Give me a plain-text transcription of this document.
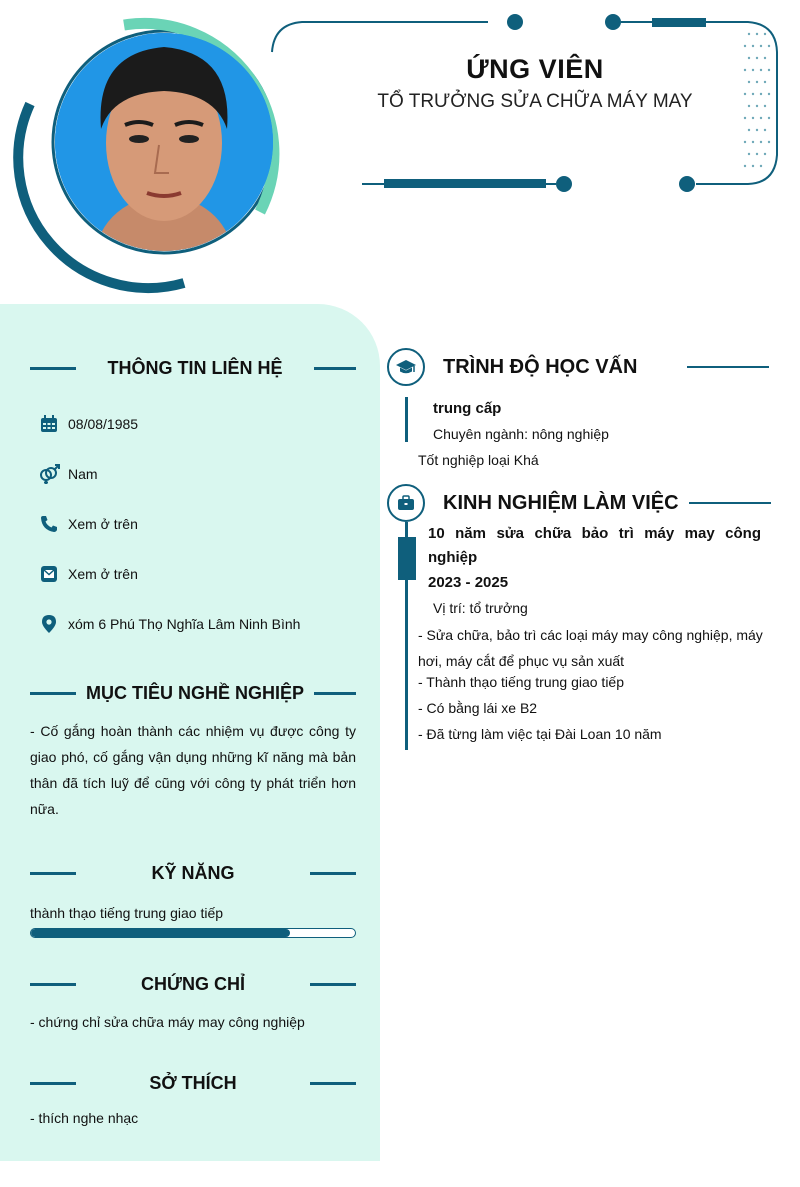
ỨNG VIÊN
TỔ TRƯỞNG SỬA CHỮA MÁY MAY
THÔNG TIN LIÊN HỆ
08/08/1985
Nam
Xem ở trên
Xem ở trên
xóm 6 Phú Thọ Nghĩa Lâm Ninh Bình
MỤC TIÊU NGHỀ NGHIỆP
- Cố gắng hoàn thành các nhiệm vụ được công ty giao phó, cố gắng vận dụng những kĩ năng mà bản thân đã tích luỹ để cũng với công ty phát triển hơn nữa.
KỸ NĂNG
thành thạo tiếng trung giao tiếp
CHỨNG CHỈ
- chứng chỉ sửa chữa máy may công nghiệp
SỞ THÍCH
- thích nghe nhạc
TRÌNH ĐỘ HỌC VẤN
trung cấp
Chuyên ngành: nông nghiệp
Tốt nghiệp loại Khá
KINH NGHIỆM LÀM VIỆC
10 năm sửa chữa bảo trì máy may công nghiệp
2023 - 2025
Vị trí: tổ trưởng
- Sửa chữa, bảo trì các loại máy may công nghiệp, máy hơi, máy cắt để phục vụ sản xuất
- Thành thạo tiếng trung giao tiếp
- Có bằng lái xe B2
- Đã từng làm việc tại Đài Loan 10 năm
